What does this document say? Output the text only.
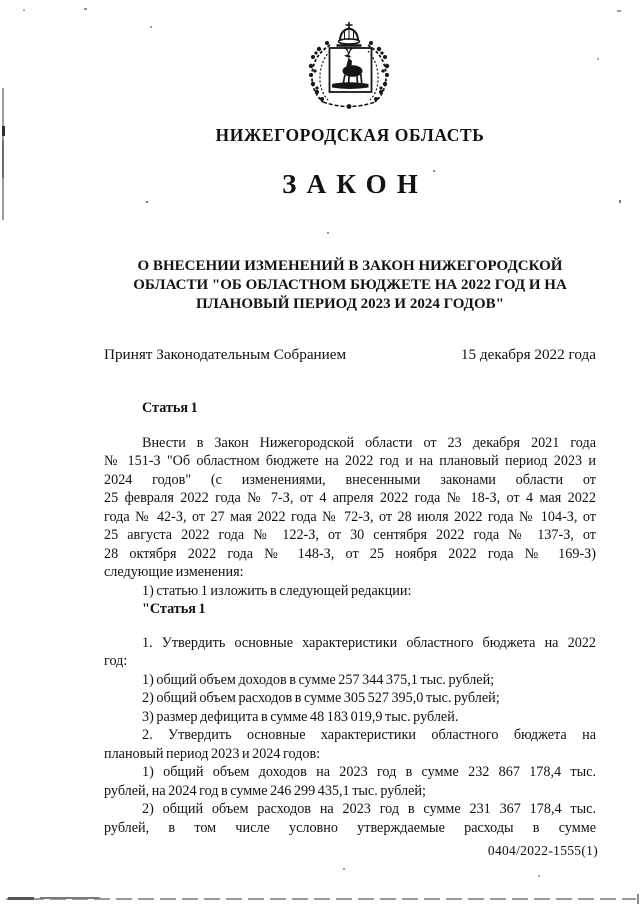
НИЖЕГОРОДСКАЯ ОБЛАСТЬ
ЗАКОН
О ВНЕСЕНИИ ИЗМЕНЕНИЙ В ЗАКОН НИЖЕГОРОДСКОЙ
ОБЛАСТИ "ОБ ОБЛАСТНОМ БЮДЖЕТЕ НА 2022 ГОД И НА
ПЛАНОВЫЙ ПЕРИОД 2023 И 2024 ГОДОВ"
Принят Законодательным Собранием	15 декабря 2022 года
Статья 1
Внести в Закон Нижегородской области от 23 декабря 2021 года
№ 151-З "Об областном бюджете на 2022 год и на плановый период 2023 и
2024 годов" (с изменениями, внесенными законами области от
25 февраля 2022 года № 7-З, от 4 апреля 2022 года № 18-З, от 4 мая 2022
года № 42-З, от 27 мая 2022 года № 72-З, от 28 июля 2022 года № 104-З, от
25 августа 2022 года № 122-З, от 30 сентября 2022 года № 137-З, от
28 октября 2022 года № 148-З, от 25 ноября 2022 года № 169-З)
следующие изменения:
1) статью 1 изложить в следующей редакции:
"Статья 1
1. Утвердить основные характеристики областного бюджета на 2022
год:
1) общий объем доходов в сумме 257 344 375,1 тыс. рублей;
2) общий объем расходов в сумме 305 527 395,0 тыс. рублей;
3) размер дефицита в сумме 48 183 019,9 тыс. рублей.
2. Утвердить основные характеристики областного бюджета на
плановый период 2023 и 2024 годов:
1) общий объем доходов на 2023 год в сумме 232 867 178,4 тыс.
рублей, на 2024 год в сумме 246 299 435,1 тыс. рублей;
2) общий объем расходов на 2023 год в сумме 231 367 178,4 тыс.
рублей, в том числе условно утверждаемые расходы в сумме
0404/2022-1555(1)
